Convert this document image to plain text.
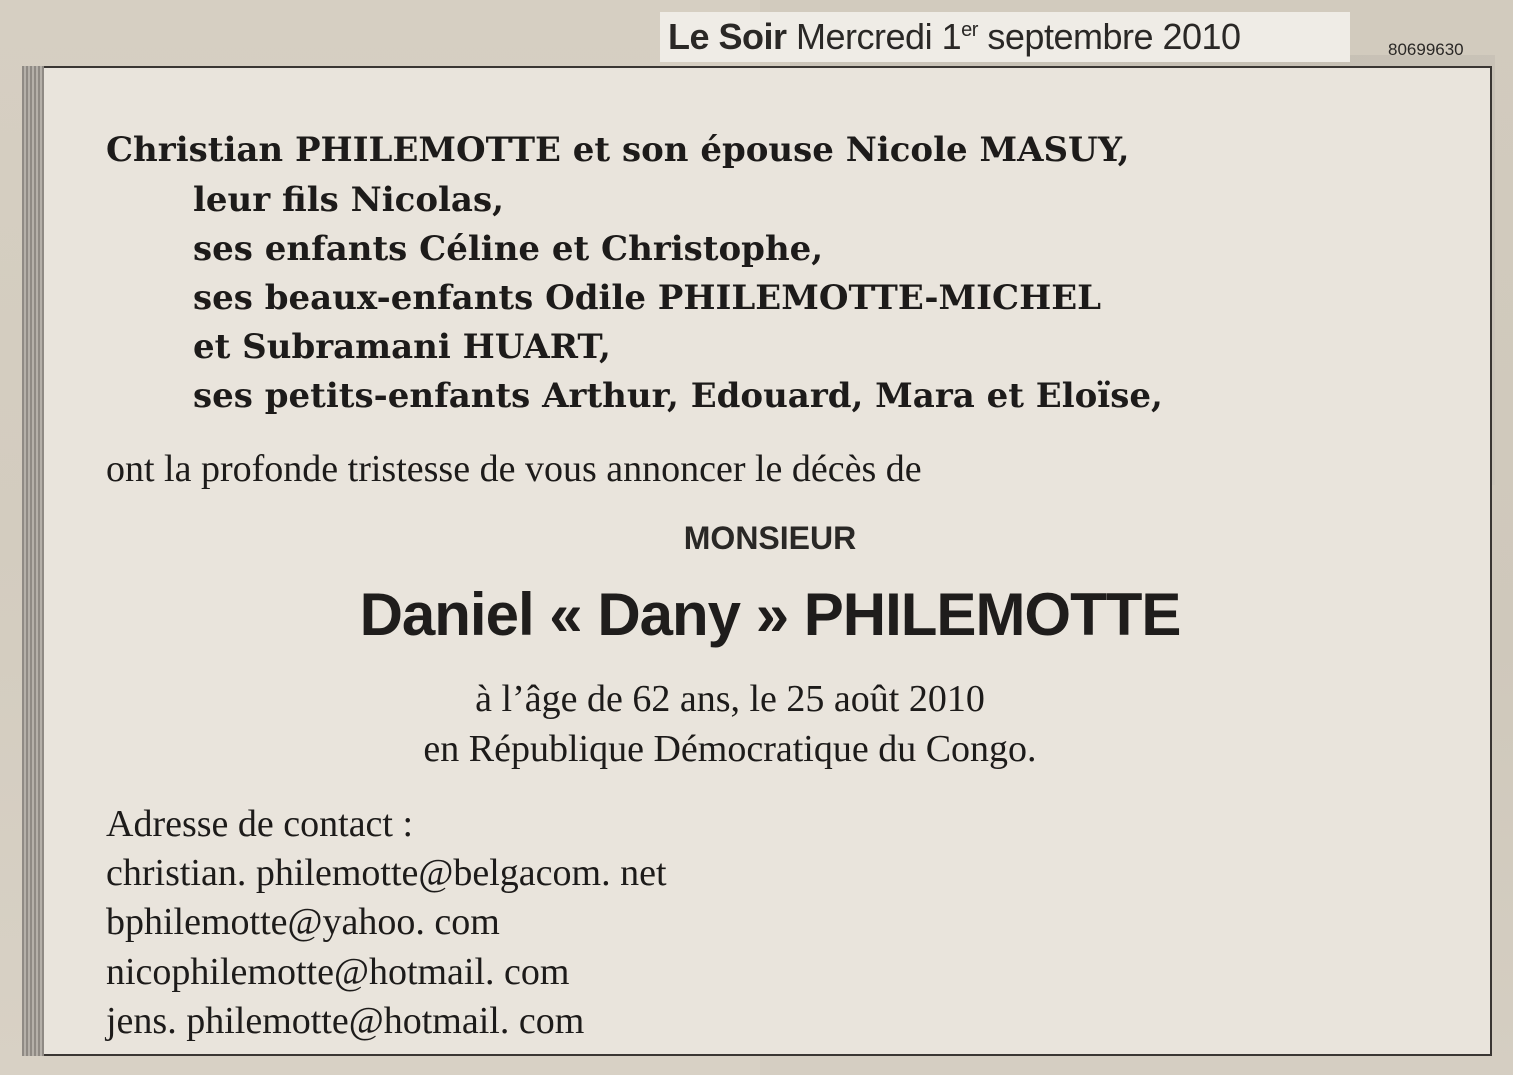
Le Soir Mercredi 1er septembre 2010	80699630
Christian PHILEMOTTE et son épouse Nicole MASUY,
leur fils Nicolas,
ses enfants Céline et Christophe,
ses beaux-enfants Odile PHILEMOTTE-MICHEL
et Subramani HUART,
ses petits-enfants Arthur, Edouard, Mara et Eloïse,
ont la profonde tristesse de vous annoncer le décès de
MONSIEUR
Daniel « Dany » PHILEMOTTE
à l’âge de 62 ans, le 25 août 2010
en République Démocratique du Congo.
Adresse de contact :
christian. philemotte@belgacom. net
bphilemotte@yahoo. com
nicophilemotte@hotmail. com
jens. philemotte@hotmail. com
